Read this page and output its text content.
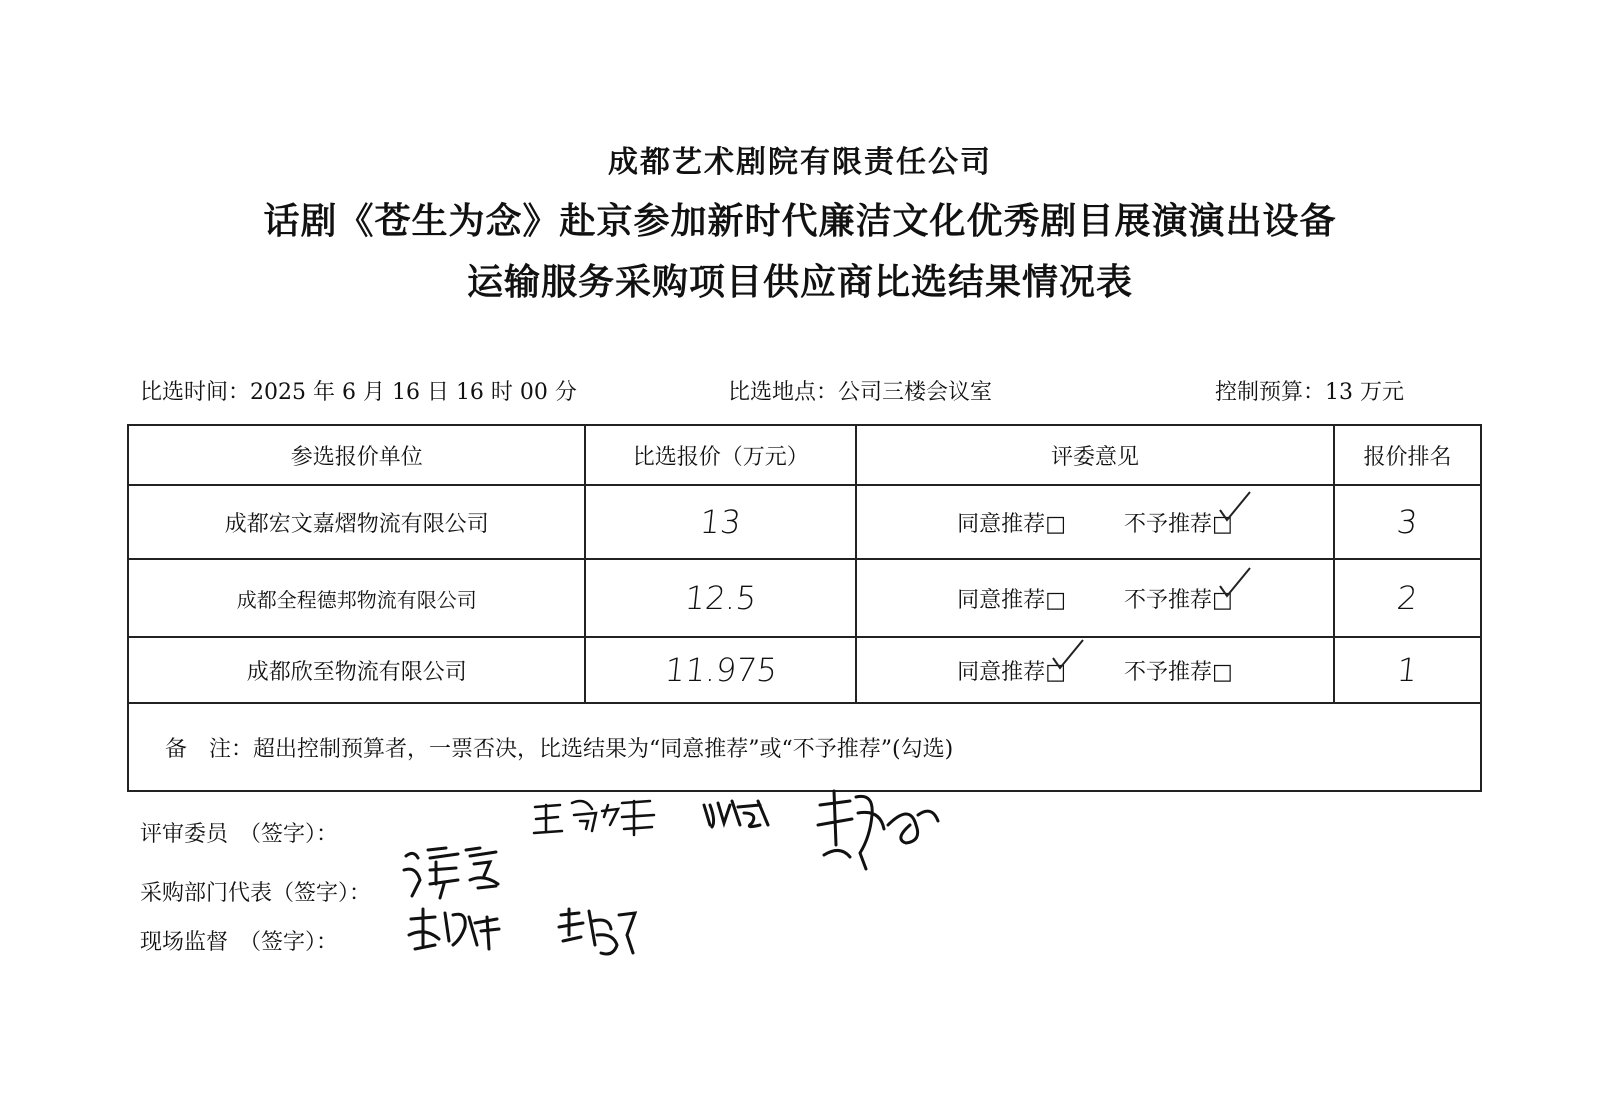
成都艺术剧院有限责任公司
话剧《苍生为念》赴京参加新时代廉洁文化优秀剧目展演演出设备
运输服务采购项目供应商比选结果情况表
比选时间：2025 年 6 月 16 日 16 时 00 分	比选地点：公司三楼会议室	控制预算：13 万元
参选报价单位	比选报价（万元）	评委意见	报价排名
成都宏文嘉熠物流有限公司	13	同意推荐□ 不予推荐□	3
成都全程德邦物流有限公司	12.5	同意推荐□ 不予推荐□	2
成都欣至物流有限公司	11.975	同意推荐□ 不予推荐□	1
备　注：超出控制预算者，一票否决，比选结果为“同意推荐”或“不予推荐”(勾选)			
评审委员　（签字）：
采购部门代表（签字）：
现场监督　（签字）：
